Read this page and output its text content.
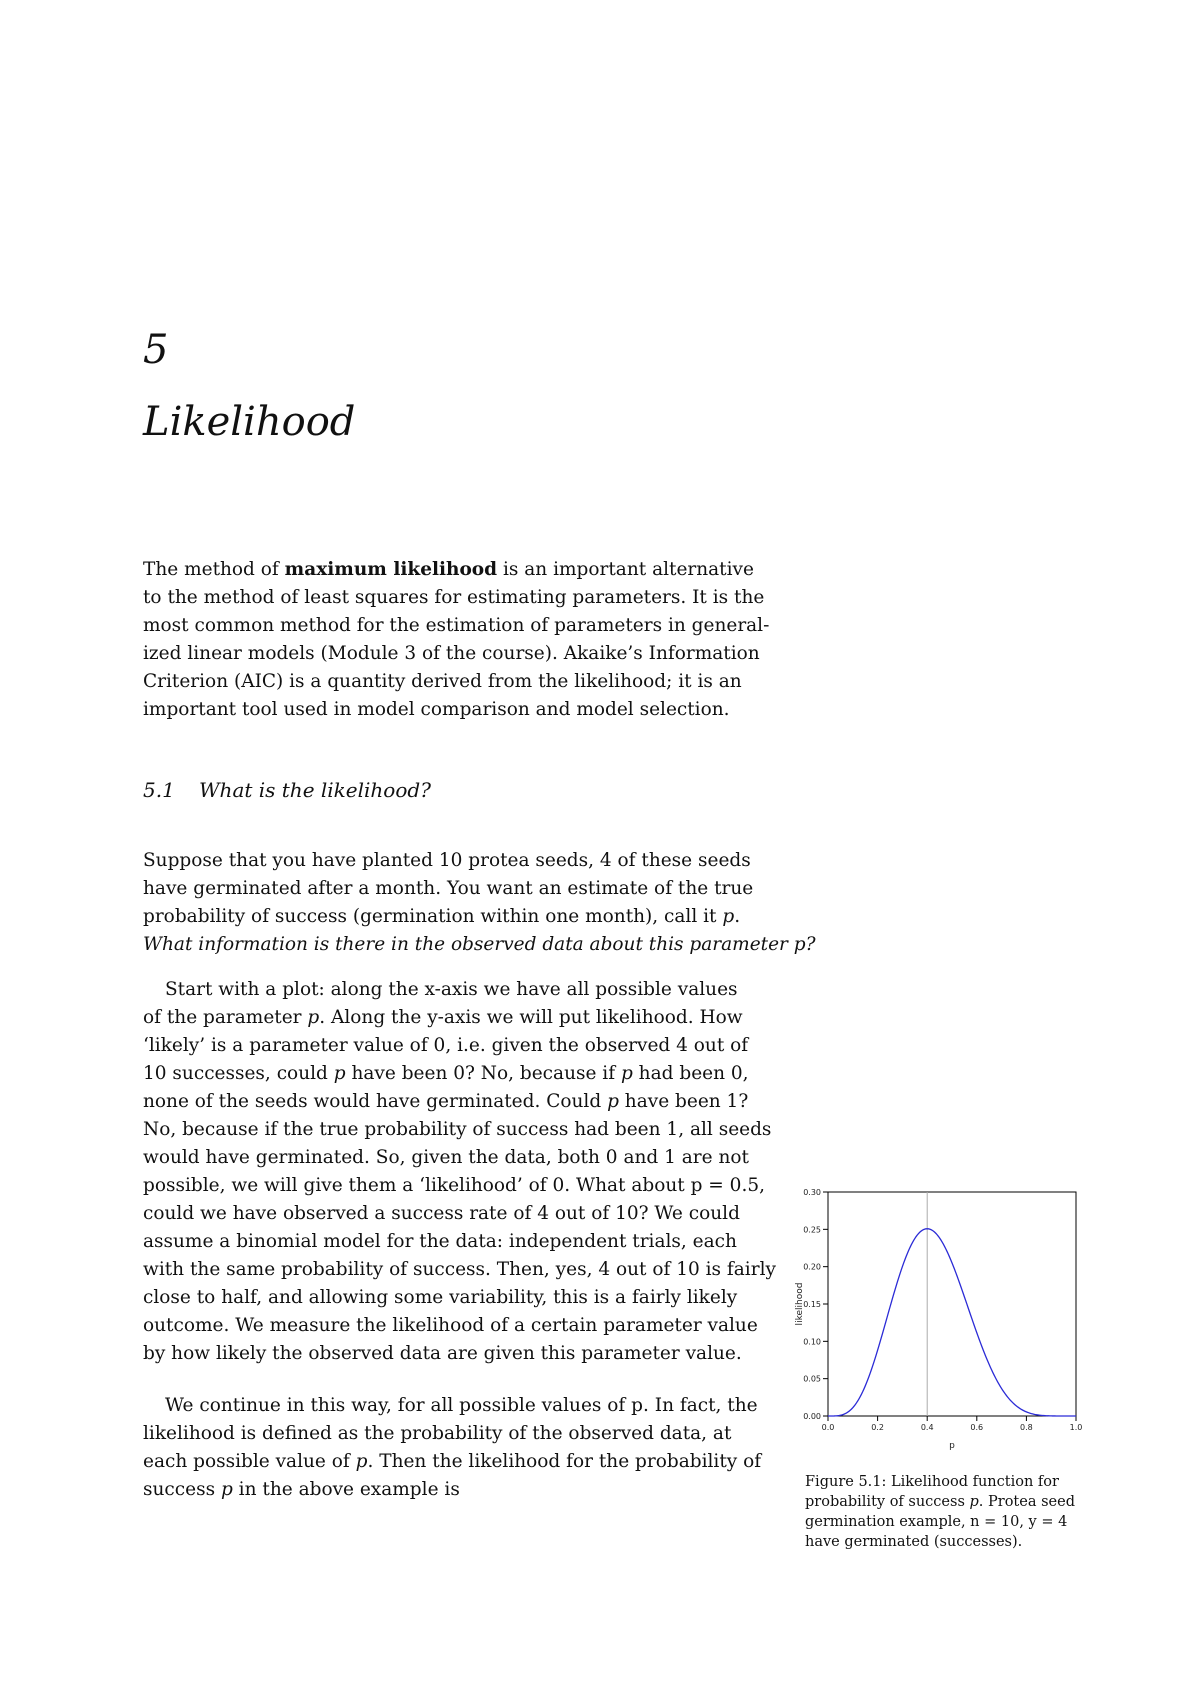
5
Likelihood

The method of maximum likelihood is an important alternative
to the method of least squares for estimating parameters. It is the
most common method for the estimation of parameters in general-
ized linear models (Module 3 of the course). Akaike’s Information
Criterion (AIC) is a quantity derived from the likelihood; it is an
important tool used in model comparison and model selection.

5.1 What is the likelihood?

Suppose that you have planted 10 protea seeds, 4 of these seeds
have germinated after a month. You want an estimate of the true
probability of success (germination within one month), call it p.
What information is there in the observed data about this parameter p?

Start with a plot: along the x-axis we have all possible values
of the parameter p. Along the y-axis we will put likelihood. How
‘likely’ is a parameter value of 0, i.e. given the observed 4 out of
10 successes, could p have been 0? No, because if p had been 0,
none of the seeds would have germinated. Could p have been 1?
No, because if the true probability of success had been 1, all seeds
would have germinated. So, given the data, both 0 and 1 are not
possible, we will give them a ‘likelihood’ of 0. What about p = 0.5,
could we have observed a success rate of 4 out of 10? We could
assume a binomial model for the data: independent trials, each
with the same probability of success. Then, yes, 4 out of 10 is fairly
close to half, and allowing some variability, this is a fairly likely
outcome. We measure the likelihood of a certain parameter value
by how likely the observed data are given this parameter value.

We continue in this way, for all possible values of p. In fact, the
likelihood is defined as the probability of the observed data, at
each possible value of p. Then the likelihood for the probability of
success p in the above example is

0.00
0.05
0.10
0.15
0.20
0.25
0.30
0.0	0.2	0.4	0.6	0.8	1.0
p
likelihood

Figure 5.1: Likelihood function for
probability of success p. Protea seed
germination example, n = 10, y = 4
have germinated (successes).
